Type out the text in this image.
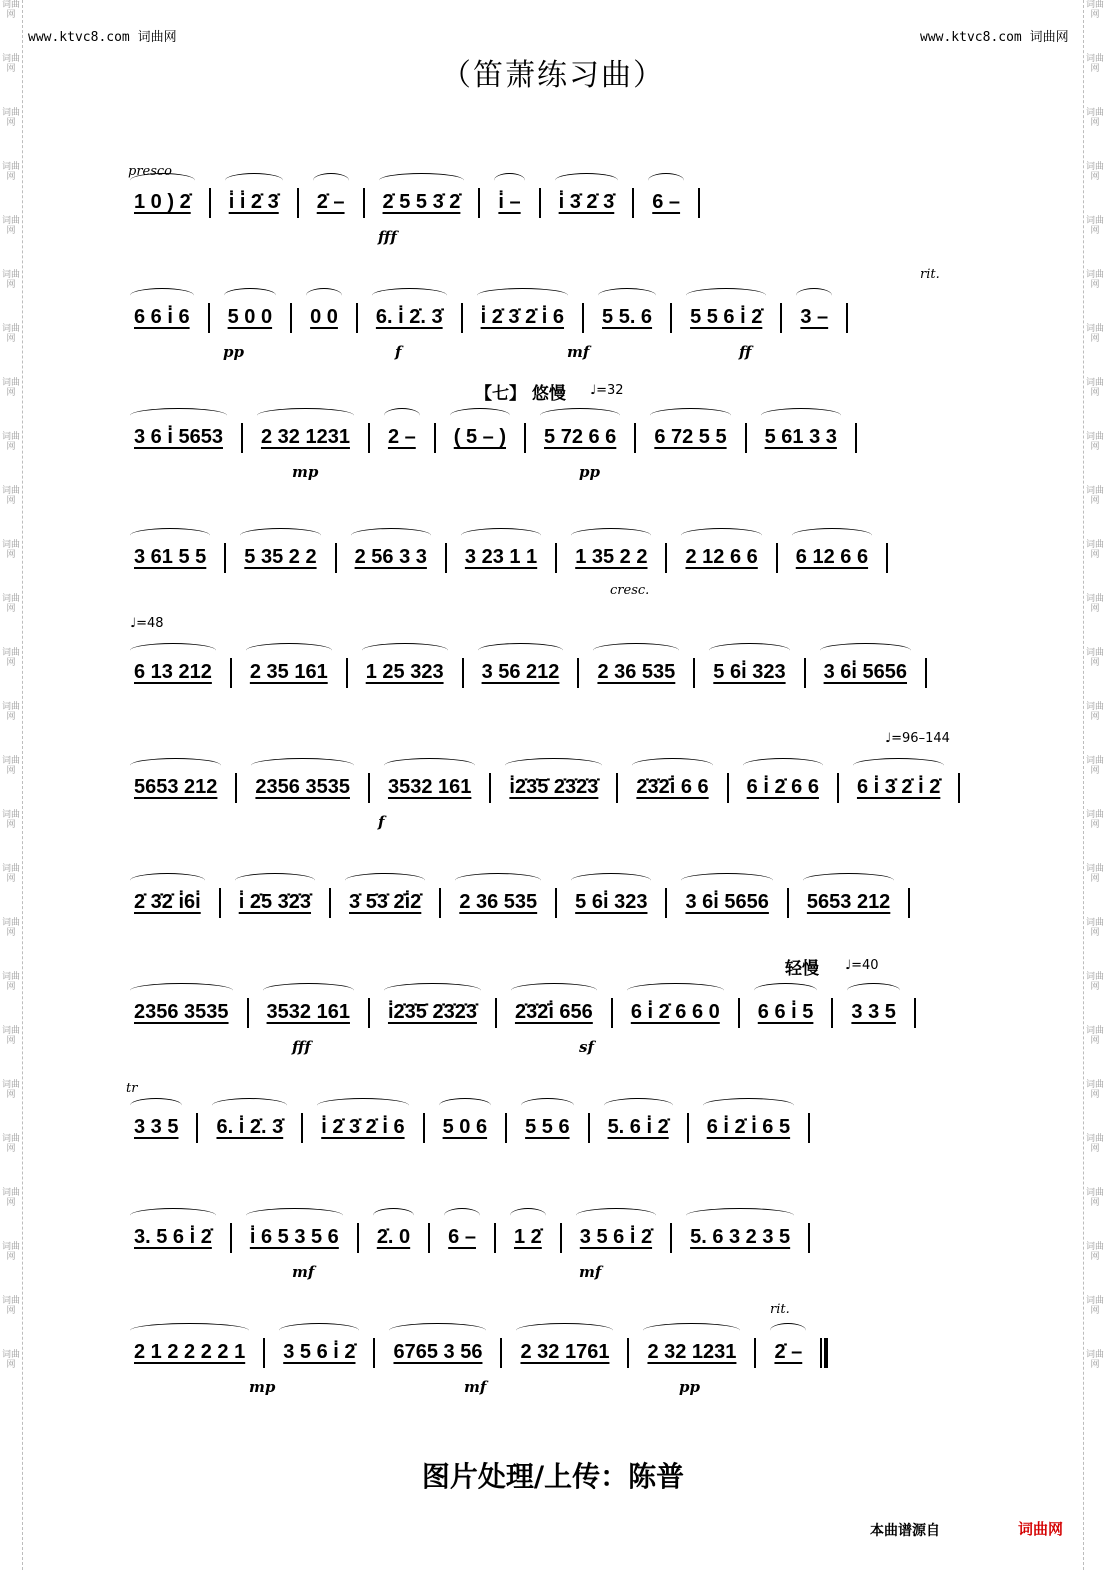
词曲网
词曲网
词曲网
词曲网
词曲网
词曲网
词曲网
词曲网
词曲网
词曲网
词曲网
词曲网
词曲网
词曲网
词曲网
词曲网
词曲网
词曲网
词曲网
词曲网
词曲网
词曲网
词曲网
词曲网
词曲网
词曲网
词曲网
词曲网
词曲网
词曲网
词曲网
词曲网
词曲网
词曲网
词曲网
词曲网
词曲网
词曲网
词曲网
词曲网
词曲网
词曲网
词曲网
词曲网
词曲网
词曲网
词曲网
词曲网
词曲网
词曲网
词曲网
词曲网
www.ktvc8.com 词曲网	www.ktvc8.com 词曲网
（笛萧练习曲）
1 0 ) 2̇ i̇ i̇ 2̇ 3̇ 2̇ – 2̇ 5 5 3̇ 2̇ i̇ – i̇ 3̇ 2̇ 3̇ 6 –
presco
fff
6 6 i̇ 6 5 0 0 0 0 6. i̇ 2̇. 3̇ i̇ 2̇ 3̇ 2̇ i̇ 6 5 5. 6 5 5 6 i̇ 2̇ 3 –
rit.
pp	f	mf	ff
【七】 悠慢 ♩=32
3 6 i̇ 5653 2 32 1231 2 – ( 5 – ) 5 72 6 6 6 72 5 5 5 61 3 3
mp	pp
3 61 5 5 5 35 2 2 2 56 3 3 3 23 1 1 1 35 2 2 2 12 6 6 6 12 6 6
cresc.
♩=48
6 13 212 2 35 161 1 25 323 3 56 212 2 36 535 5 6i̇ 323 3 6i̇ 5656
♩=96–144
5653 212 2356 3535 3532 161 i̇2̇3̇5̇ 2̇3̇2̇3̇ 2̇3̇2̇i̇ 6 6 6 i̇ 2̇ 6 6 6 i̇ 3̇ 2̇ i̇ 2̇
f
2̇ 3̇2̇ i̇6i̇ i̇ 2̇5 3̇2̇3̇ 3̇ 5̇3̇ 2̇i̇2̇ 2 36 535 5 6i̇ 323 3 6i̇ 5656 5653 212
轻慢 ♩=40
2356 3535 3532 161 i̇2̇3̇5̇ 2̇3̇2̇3̇ 2̇3̇2̇i̇ 656 6 i̇ 2̇ 6 6 0 6 6 i̇ 5 3 3 5
fff	sf
3 3 5 6. i̇ 2̇. 3̇ i̇ 2̇ 3̇ 2̇ i̇ 6 5 0 6 5 5 6 5. 6 i̇ 2̇ 6 i̇ 2̇ i̇ 6 5
tr
3. 5 6 i̇ 2̇ i̇ 6 5 3 5 6 2̇. 0 6 – 1 2̇ 3 5 6 i̇ 2̇ 5. 6 3 2 3 5
mf	mf
2 1 2 2 2 2 1 3 5 6 i̇ 2̇ 6765 3 56 2 32 1761 2 32 1231 2̇ –
rit.
mp	mf	pp
图片处理/上传：陈普
本曲谱源自	词曲网
